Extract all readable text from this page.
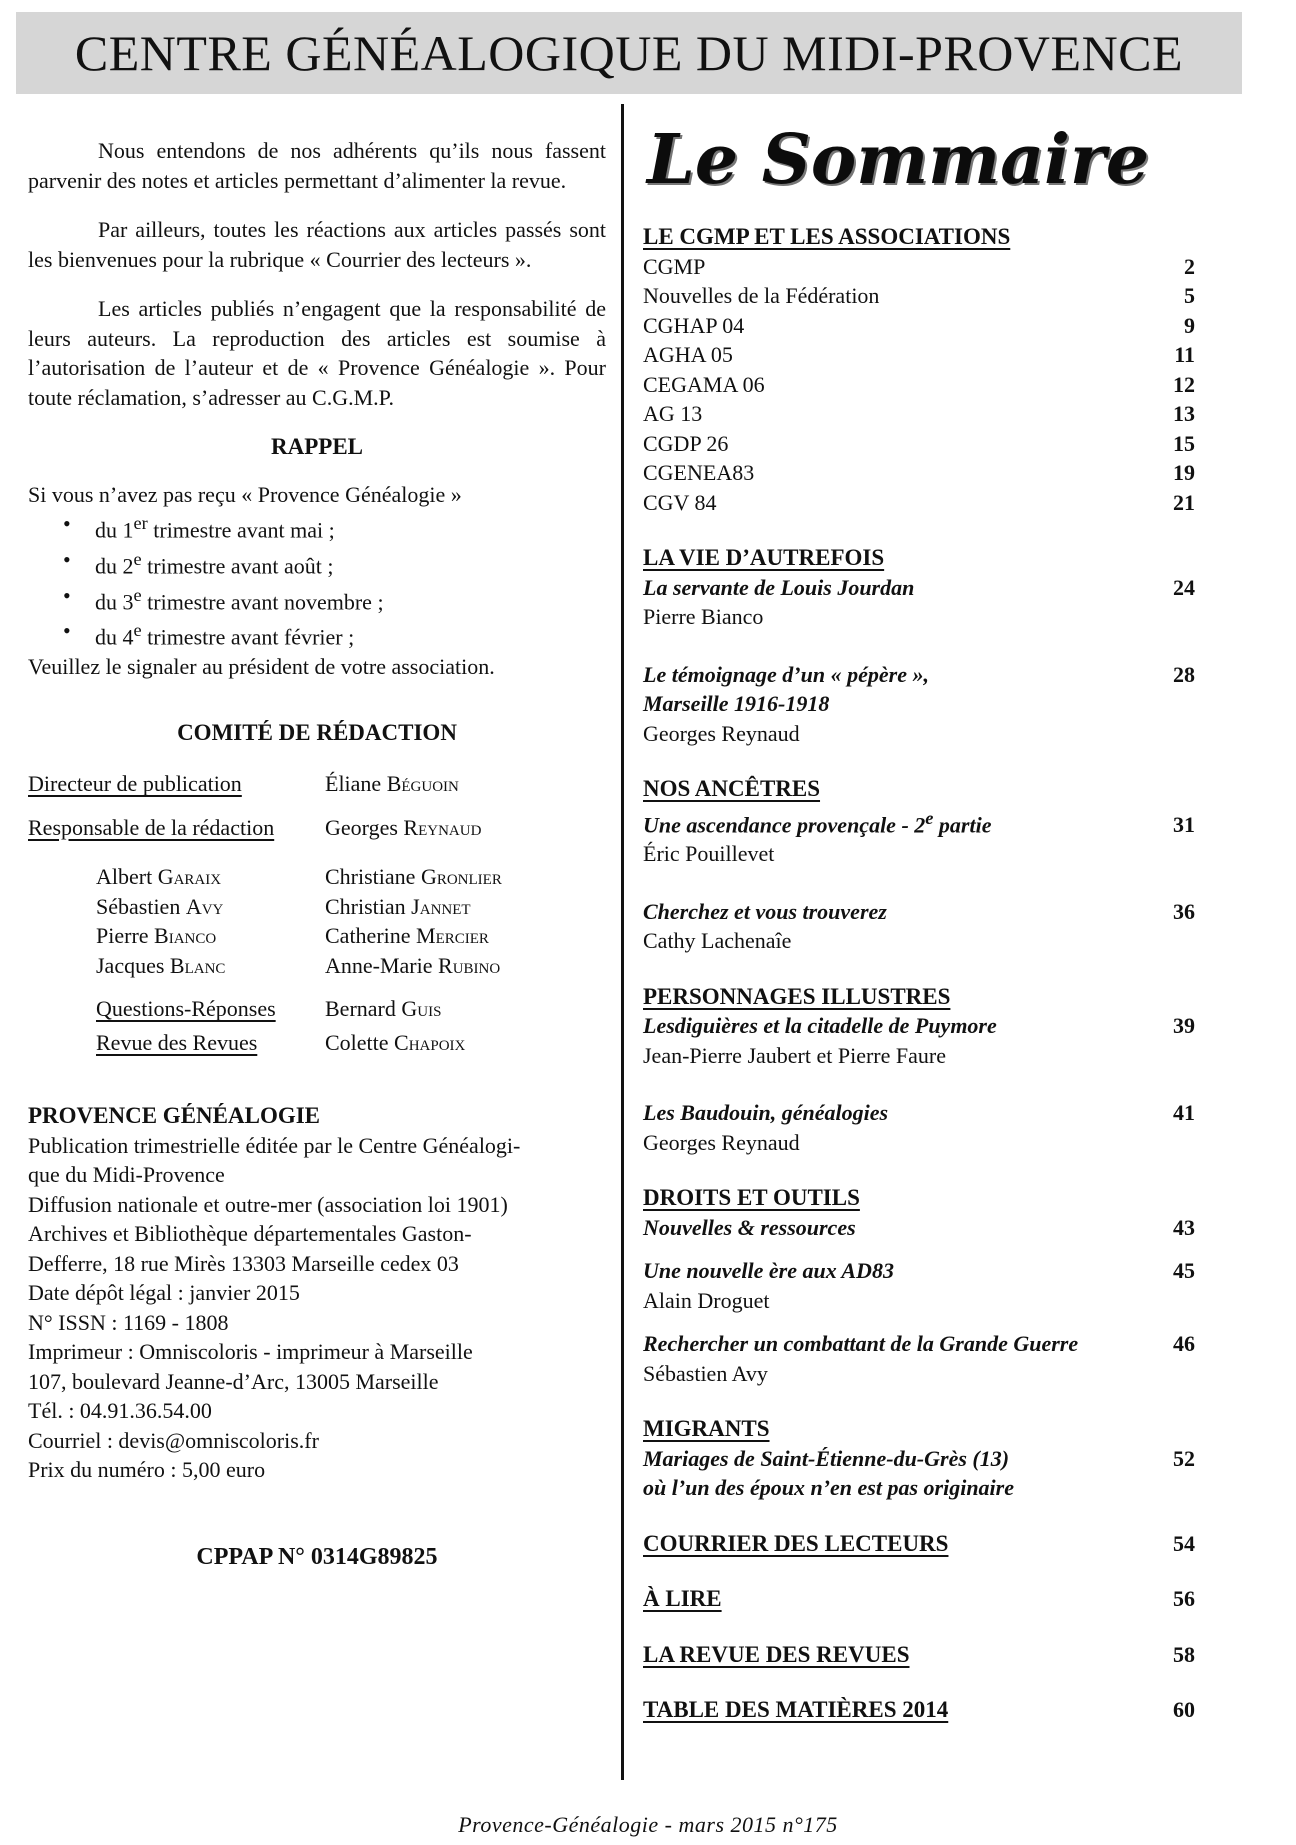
CENTRE GÉNÉALOGIQUE DU MIDI-PROVENCE

Nous entendons de nos adhérents qu’ils nous fassent parvenir des notes et articles permettant d’alimenter la revue.

Par ailleurs, toutes les réactions aux articles passés sont les bienvenues pour la rubrique « Courrier des lecteurs ».

Les articles publiés n’engagent que la responsabilité de leurs auteurs. La reproduction des articles est soumise à l’autorisation de l’auteur et de « Provence Généalogie ». Pour toute réclamation, s’adresser au C.G.M.P.

RAPPEL
Si vous n’avez pas reçu « Provence Généalogie »
• du 1er trimestre avant mai ;
• du 2e trimestre avant août ;
• du 3e trimestre avant novembre ;
• du 4e trimestre avant février ;
Veuillez le signaler au président de votre association.
COMITÉ DE RÉDACTION
Directeur de publication	Éliane Béguoin
Responsable de la rédaction	Georges Reynaud
Albert Garaix	Christiane Gronlier
Sébastien Avy	Christian Jannet
Pierre Bianco	Catherine Mercier
Jacques Blanc	Anne-Marie Rubino
Questions-Réponses	Bernard Guis
Revue des Revues	Colette Chapoix
PROVENCE GÉNÉALOGIE
Publication trimestrielle éditée par le Centre Généalogi-
que du Midi-Provence
Diffusion nationale et outre-mer (association loi 1901)
Archives et Bibliothèque départementales Gaston-
Defferre, 18 rue Mirès 13303 Marseille cedex 03
Date dépôt légal : janvier 2015
N° ISSN : 1169 - 1808
Imprimeur : Omniscoloris - imprimeur à Marseille
107, boulevard Jeanne-d’Arc, 13005 Marseille
Tél. : 04.91.36.54.00
Courriel : devis@omniscoloris.fr
Prix du numéro : 5,00 euro
CPPAP N° 0314G89825
Le Sommaire
LE CGMP ET LES ASSOCIATIONS
CGMP	2
Nouvelles de la Fédération	5
CGHAP 04	9
AGHA 05	11
CEGAMA 06	12
AG 13	13
CGDP 26	15
CGENEA83	19
CGV 84	21
LA VIE D’AUTREFOIS
La servante de Louis Jourdan	24
Pierre Bianco
Le témoignage d’un « pépère »,	28
Marseille 1916-1918
Georges Reynaud
NOS ANCÊTRES
Une ascendance provençale - 2e partie	31
Éric Pouillevet
Cherchez et vous trouverez	36
Cathy Lachenaîe
PERSONNAGES ILLUSTRES
Lesdiguières et la citadelle de Puymore	39
Jean-Pierre Jaubert et Pierre Faure
Les Baudouin, généalogies	41
Georges Reynaud
DROITS ET OUTILS
Nouvelles & ressources	43
Une nouvelle ère aux AD83	45
Alain Droguet
Rechercher un combattant de la Grande Guerre	46
Sébastien Avy
MIGRANTS
Mariages de Saint-Étienne-du-Grès (13)	52
où l’un des époux n’en est pas originaire
COURRIER DES LECTEURS	54
À LIRE	56
LA REVUE DES REVUES	58
TABLE DES MATIÈRES 2014	60
Provence-Généalogie - mars 2015 n°175
